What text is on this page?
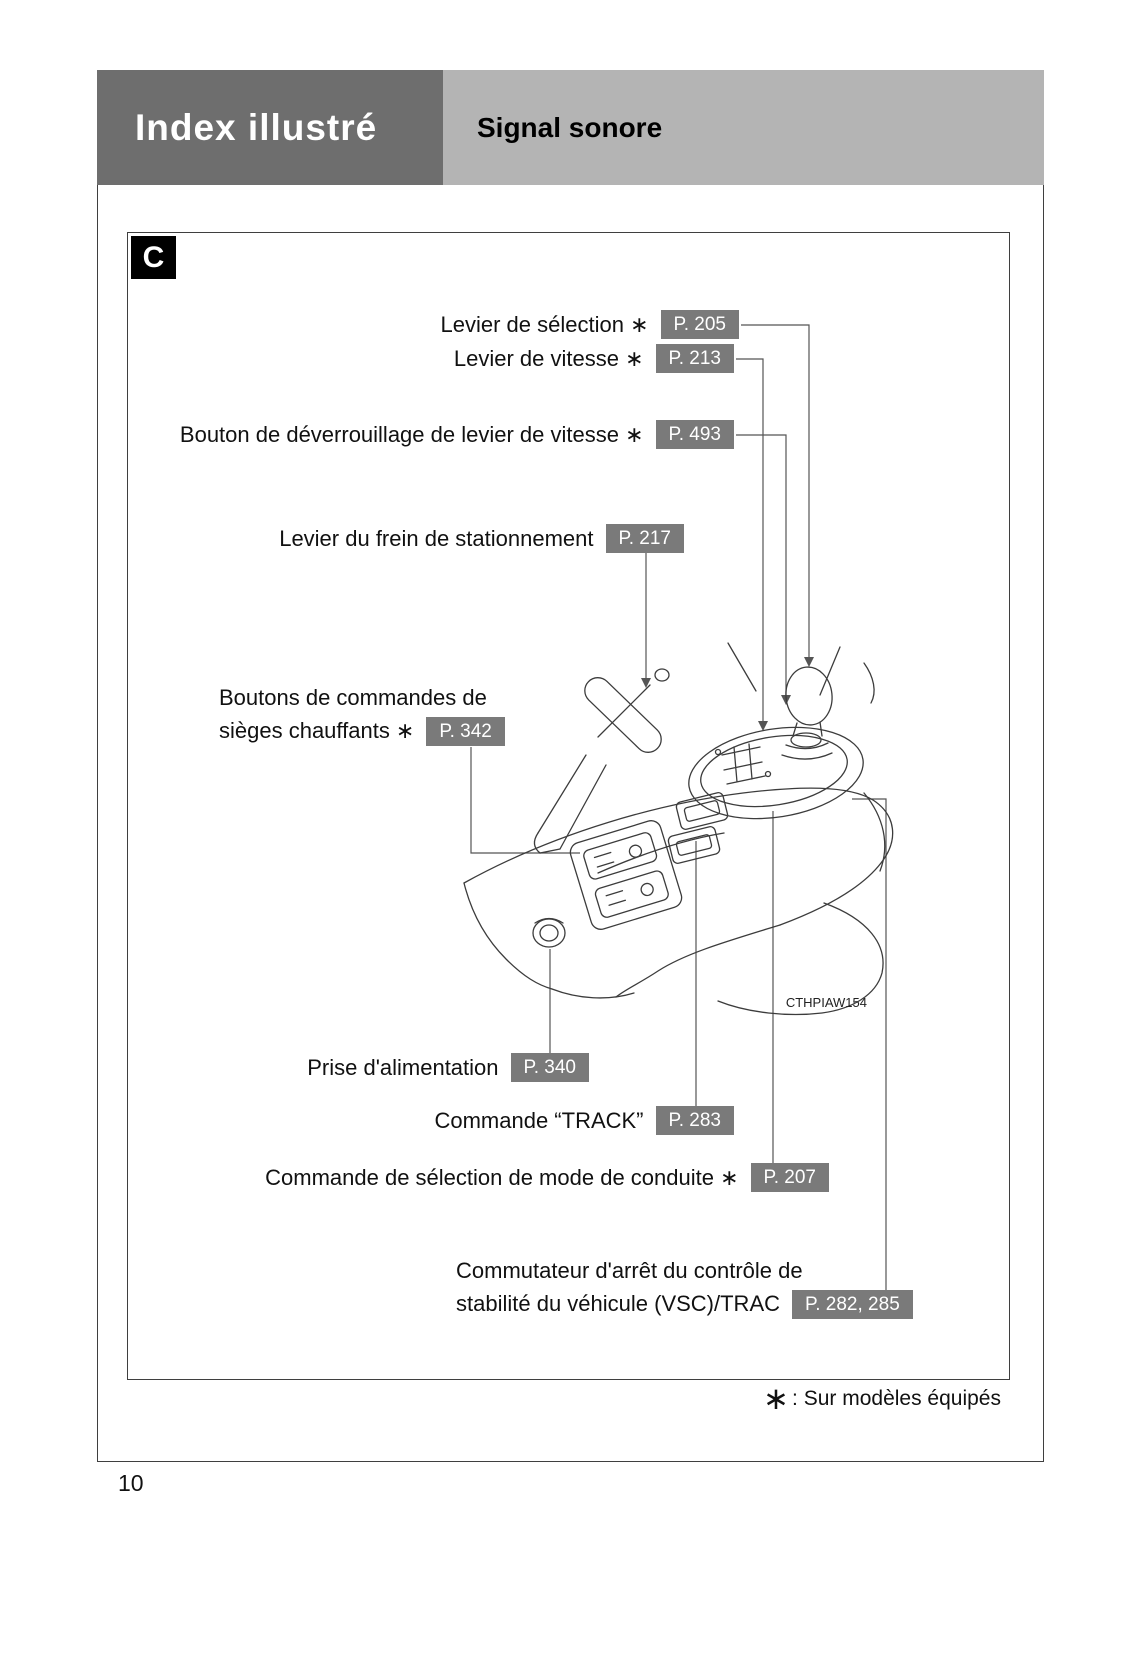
Index illustré	Signal sonore
C
Levier de sélection ∗	P. 205
Levier de vitesse ∗	P. 213
Bouton de déverrouillage de levier de vitesse ∗	P. 493
Levier du frein de stationnement	P. 217
Boutons de commandes de
sièges chauffants ∗	P. 342
Prise d'alimentation	P. 340
Commande “TRACK”	P. 283
Commande de sélection de mode de conduite ∗	P. 207
Commutateur d'arrêt du contrôle de
stabilité du véhicule (VSC)/TRAC	P. 282, 285
CTHPIAW154
∗ : Sur modèles équipés
10
